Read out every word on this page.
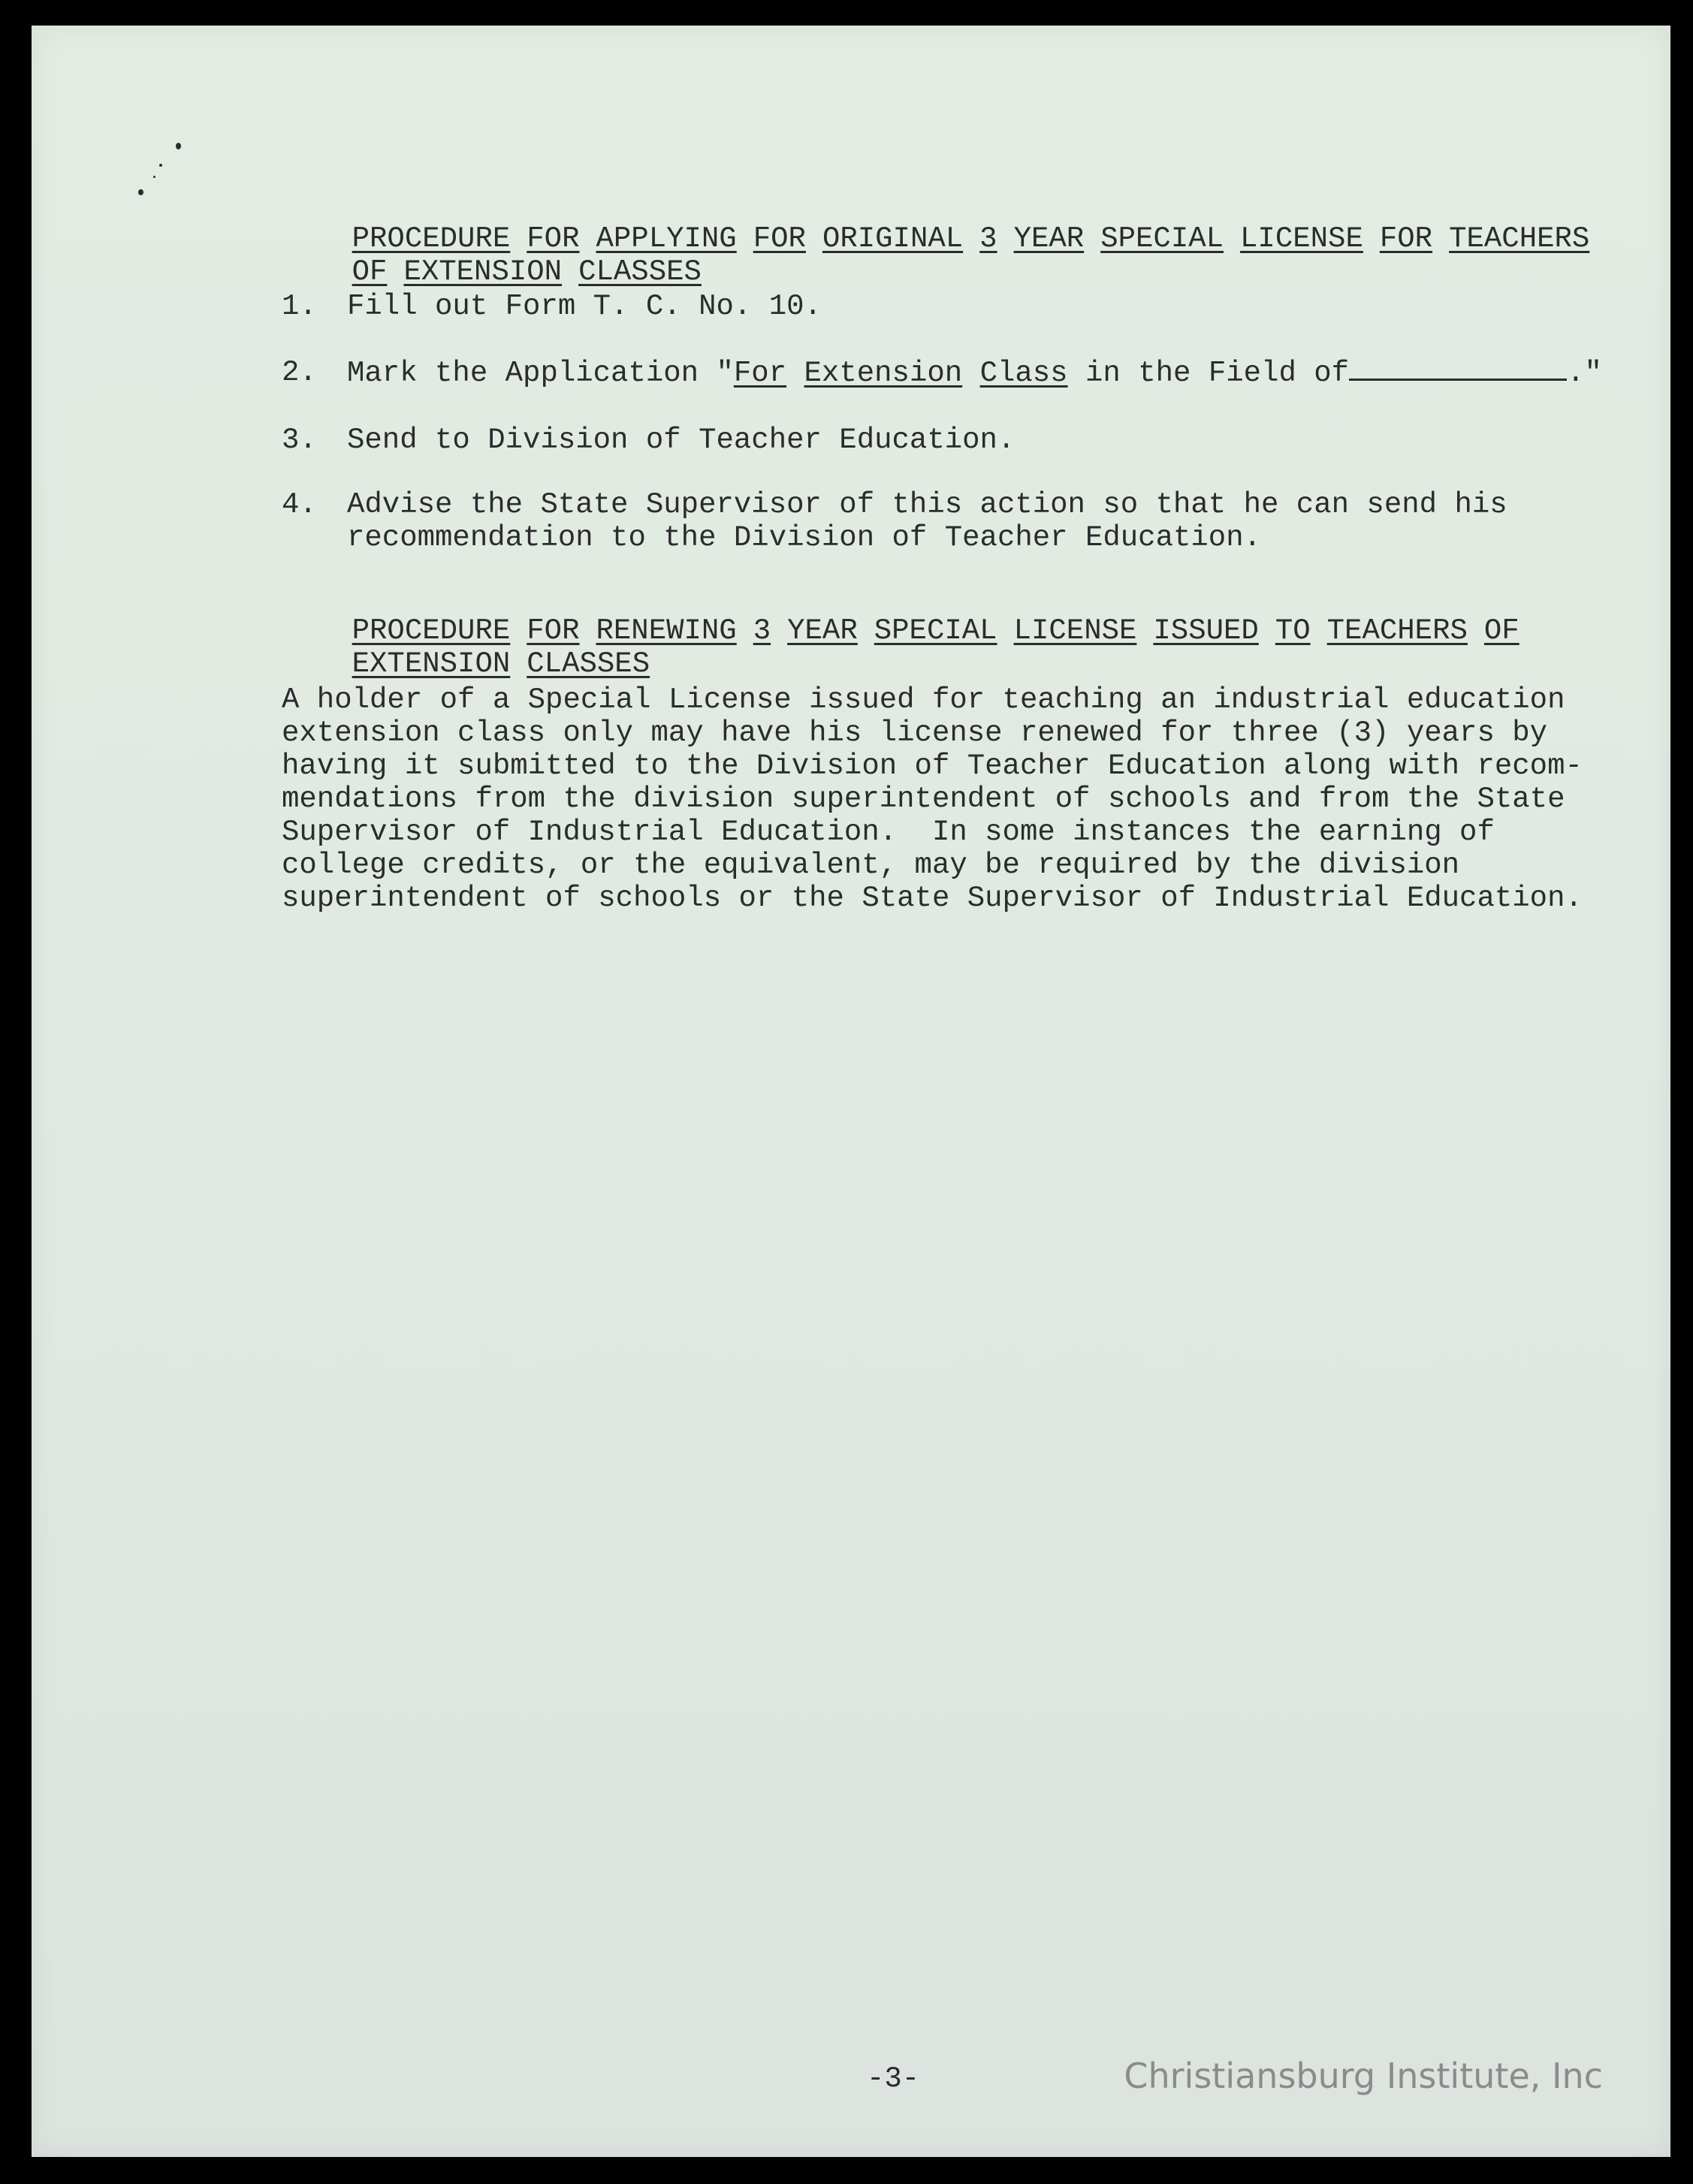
PROCEDURE FOR APPLYING FOR ORIGINAL 3 YEAR SPECIAL LICENSE FOR TEACHERS

OF EXTENSION CLASSES

1. Fill out Form T. C. No. 10.
2. Mark the Application "For Extension Class in the Field of	."
3. Send to Division of Teacher Education.
4. Advise the State Supervisor of this action so that he can send his
recommendation to the Division of Teacher Education.

PROCEDURE FOR RENEWING 3 YEAR SPECIAL LICENSE ISSUED TO TEACHERS OF

EXTENSION CLASSES

A holder of a Special License issued for teaching an industrial education
extension class only may have his license renewed for three (3) years by
having it submitted to the Division of Teacher Education along with recom-
mendations from the division superintendent of schools and from the State
Supervisor of Industrial Education.  In some instances the earning of
college credits, or the equivalent, may be required by the division
superintendent of schools or the State Supervisor of Industrial Education.
-3-	Christiansburg Institute, Inc
